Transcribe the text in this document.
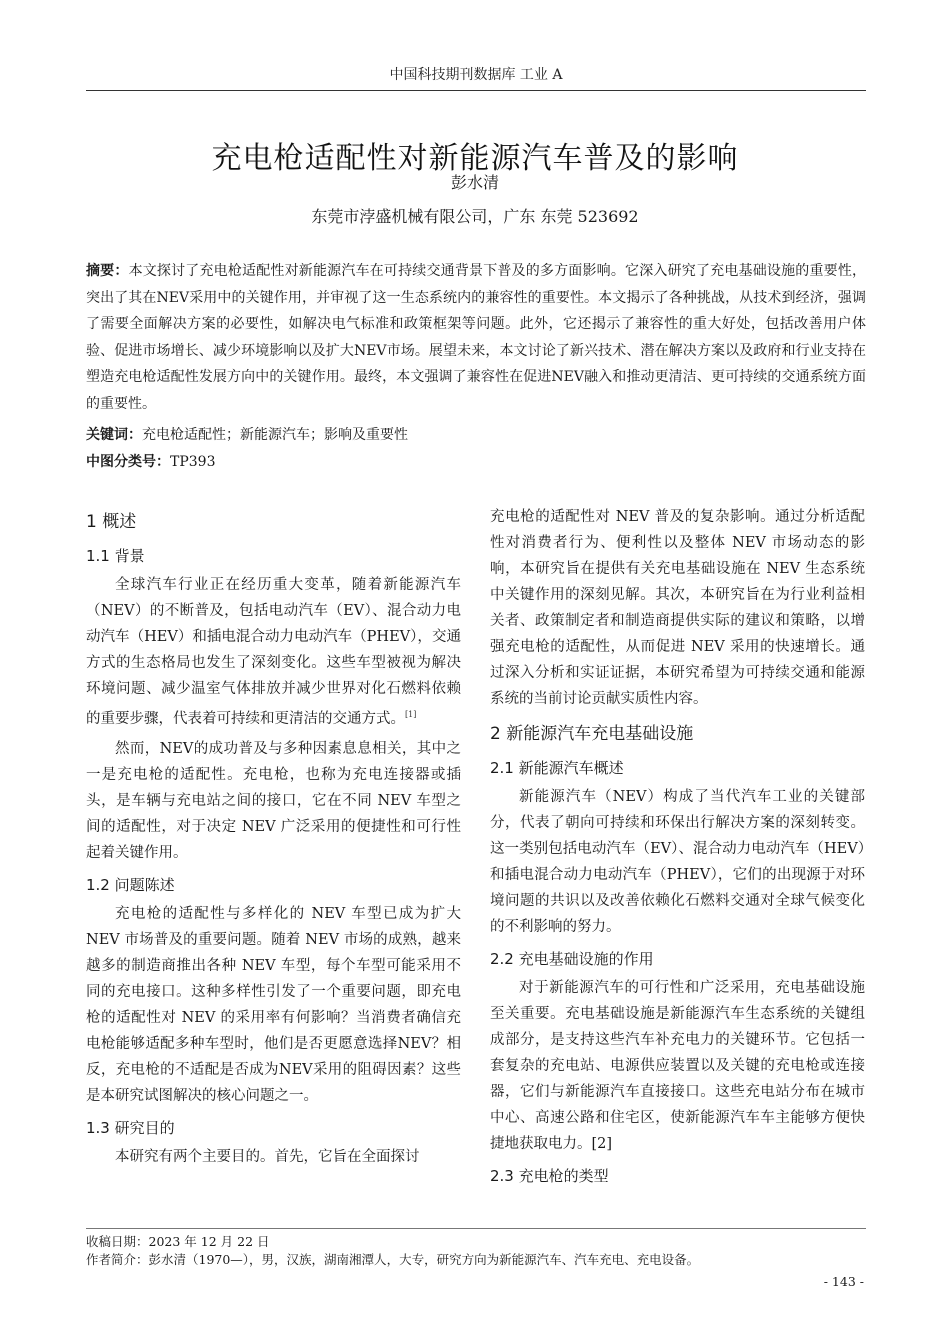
中国科技期刊数据库 工业 A
充电枪适配性对新能源汽车普及的影响
彭水清
东莞市浡盛机械有限公司，广东 东莞 523692
摘要：本文探讨了充电枪适配性对新能源汽车在可持续交通背景下普及的多方面影响。它深入研究了充电基础设施的重要性，突出了其在NEV采用中的关键作用，并审视了这一生态系统内的兼容性的重要性。本文揭示了各种挑战，从技术到经济，强调了需要全面解决方案的必要性，如解决电气标准和政策框架等问题。此外，它还揭示了兼容性的重大好处，包括改善用户体验、促进市场增长、减少环境影响以及扩大NEV市场。展望未来，本文讨论了新兴技术、潜在解决方案以及政府和行业支持在塑造充电枪适配性发展方向中的关键作用。最终，本文强调了兼容性在促进NEV融入和推动更清洁、更可持续的交通系统方面的重要性。
关键词：充电枪适配性；新能源汽车；影响及重要性
中图分类号：TP393
1 概述
1.1 背景

全球汽车行业正在经历重大变革，随着新能源汽车（NEV）的不断普及，包括电动汽车（EV）、混合动力电动汽车（HEV）和插电混合动力电动汽车（PHEV），交通方式的生态格局也发生了深刻变化。这些车型被视为解决环境问题、减少温室气体排放并减少世界对化石燃料依赖的重要步骤，代表着可持续和更清洁的交通方式。[1]

然而，NEV的成功普及与多种因素息息相关，其中之一是充电枪的适配性。充电枪，也称为充电连接器或插头，是车辆与充电站之间的接口，它在不同 NEV 车型之间的适配性，对于决定 NEV 广泛采用的便捷性和可行性起着关键作用。

1.2 问题陈述

充电枪的适配性与多样化的 NEV 车型已成为扩大 NEV 市场普及的重要问题。随着 NEV 市场的成熟，越来越多的制造商推出各种 NEV 车型，每个车型可能采用不同的充电接口。这种多样性引发了一个重要问题，即充电枪的适配性对 NEV 的采用率有何影响？当消费者确信充电枪能够适配多种车型时，他们是否更愿意选择NEV？相反，充电枪的不适配是否成为NEV采用的阻碍因素？这些是本研究试图解决的核心问题之一。

1.3 研究目的

本研究有两个主要目的。首先，它旨在全面探讨

充电枪的适配性对 NEV 普及的复杂影响。通过分析适配性对消费者行为、便利性以及整体 NEV 市场动态的影响，本研究旨在提供有关充电基础设施在 NEV 生态系统中关键作用的深刻见解。其次，本研究旨在为行业利益相关者、政策制定者和制造商提供实际的建议和策略，以增强充电枪的适配性，从而促进 NEV 采用的快速增长。通过深入分析和实证证据，本研究希望为可持续交通和能源系统的当前讨论贡献实质性内容。

2 新能源汽车充电基础设施
2.1 新能源汽车概述

新能源汽车（NEV）构成了当代汽车工业的关键部分，代表了朝向可持续和环保出行解决方案的深刻转变。这一类别包括电动汽车（EV）、混合动力电动汽车（HEV）和插电混合动力电动汽车（PHEV），它们的出现源于对环境问题的共识以及改善依赖化石燃料交通对全球气候变化的不利影响的努力。

2.2 充电基础设施的作用

对于新能源汽车的可行性和广泛采用，充电基础设施至关重要。充电基础设施是新能源汽车生态系统的关键组成部分，是支持这些汽车补充电力的关键环节。它包括一套复杂的充电站、电源供应装置以及关键的充电枪或连接器，它们与新能源汽车直接接口。这些充电站分布在城市中心、高速公路和住宅区，使新能源汽车车主能够方便快捷地获取电力。[2]

2.3 充电枪的类型
收稿日期：2023 年 12 月 22 日
作者简介：彭水清（1970—），男，汉族，湖南湘潭人，大专，研究方向为新能源汽车、汽车充电、充电设备。
- 143 -
